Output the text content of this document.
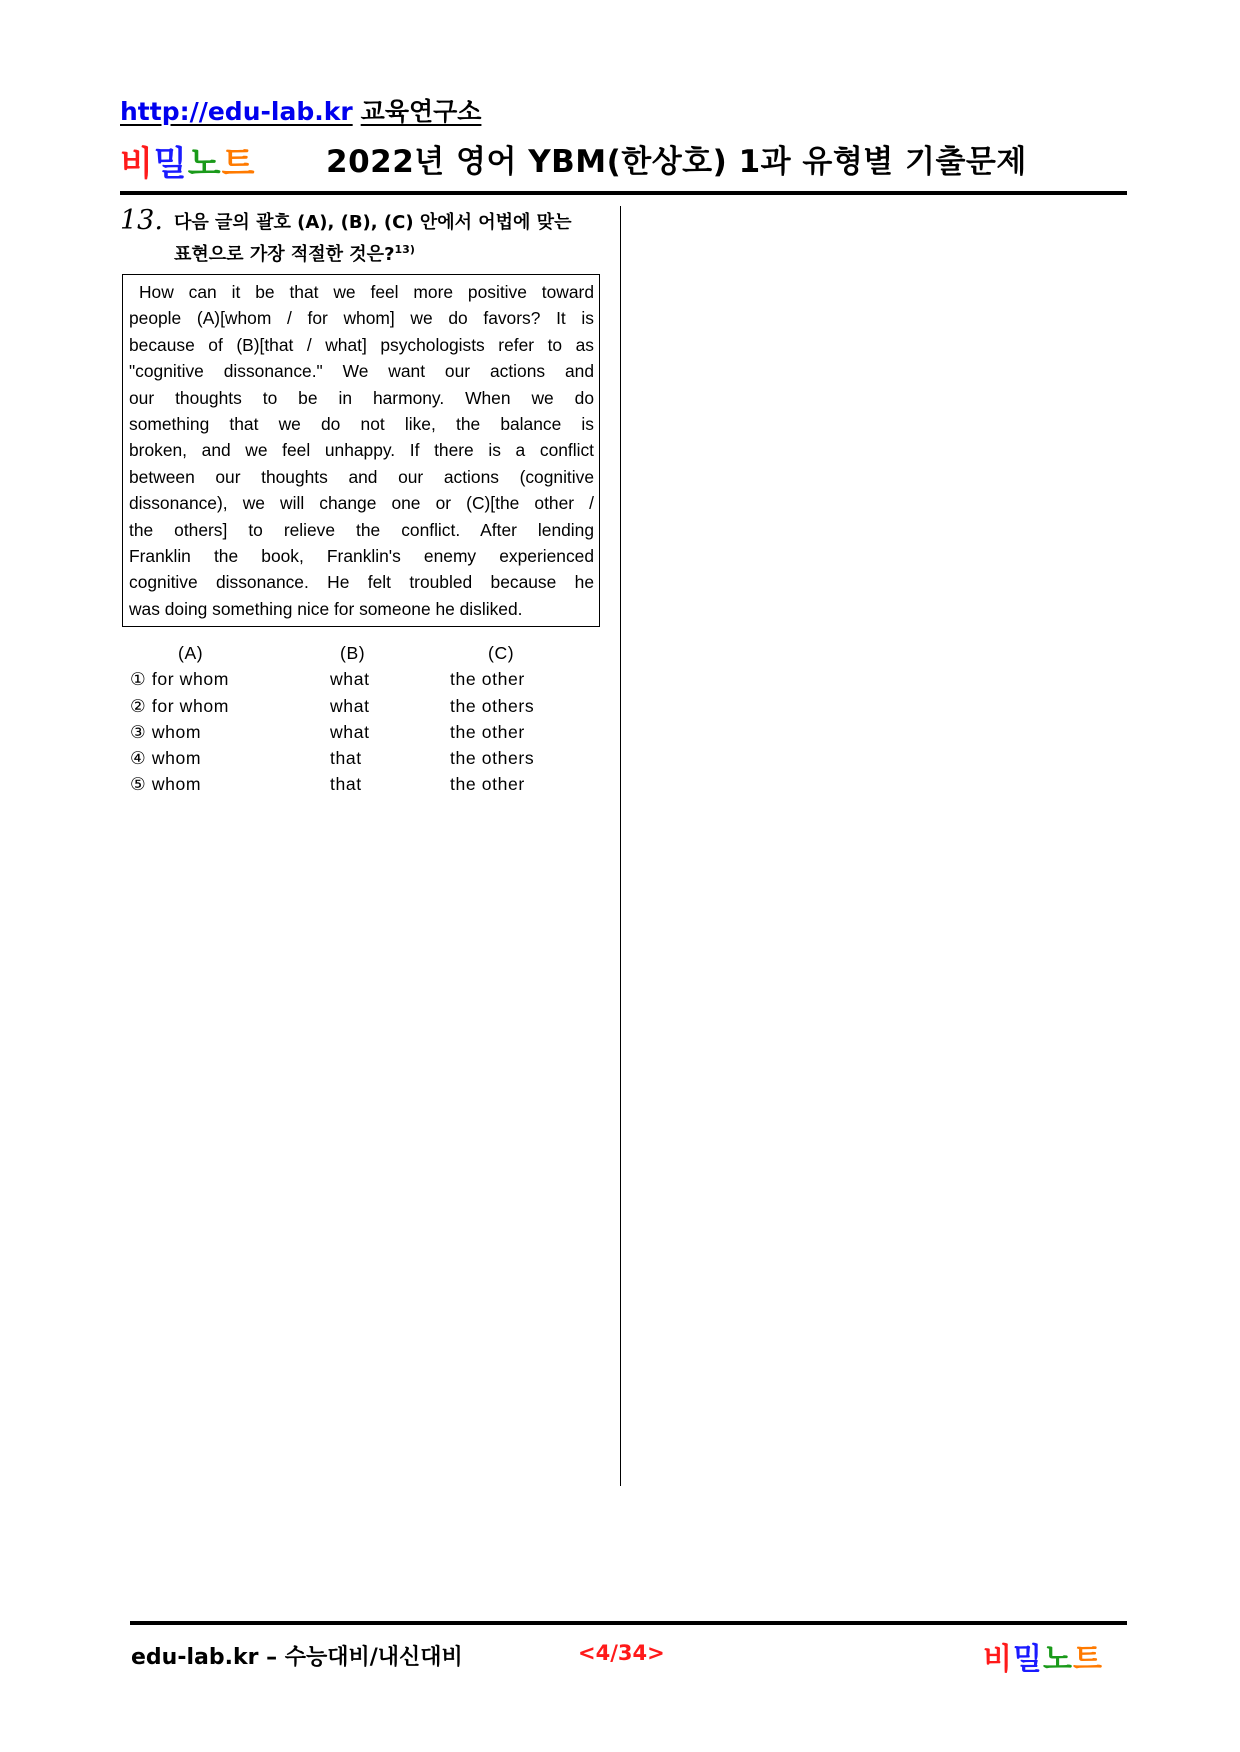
http://edu-lab.kr 교육연구소
비밀노트 2022년 영어 YBM(한상호) 1과 유형별 기출문제
13. 다음 글의 괄호 (A), (B), (C) 안에서 어법에 맞는
표현으로 가장 적절한 것은?$^{13)}$
How can it be that we feel more positive toward
people (A)[whom / for whom] we do favors? It is
because of (B)[that / what] psychologists refer to as
"cognitive dissonance." We want our actions and
our thoughts to be in harmony. When we do
something that we do not like, the balance is
broken, and we feel unhappy. If there is a conflict
between our thoughts and our actions (cognitive
dissonance), we will change one or (C)[the other /
the others] to relieve the conflict. After lending
Franklin the book, Franklin's enemy experienced
cognitive dissonance. He felt troubled because he
was doing something nice for someone he disliked.
(A)	(B)	(C)
① for whom	what	the other
② for whom	what	the others
③ whom	what	the other
④ whom	that	the others
⑤ whom	that	the other
edu-lab.kr – 수능대비/내신대비	<4/34>	비밀노트
